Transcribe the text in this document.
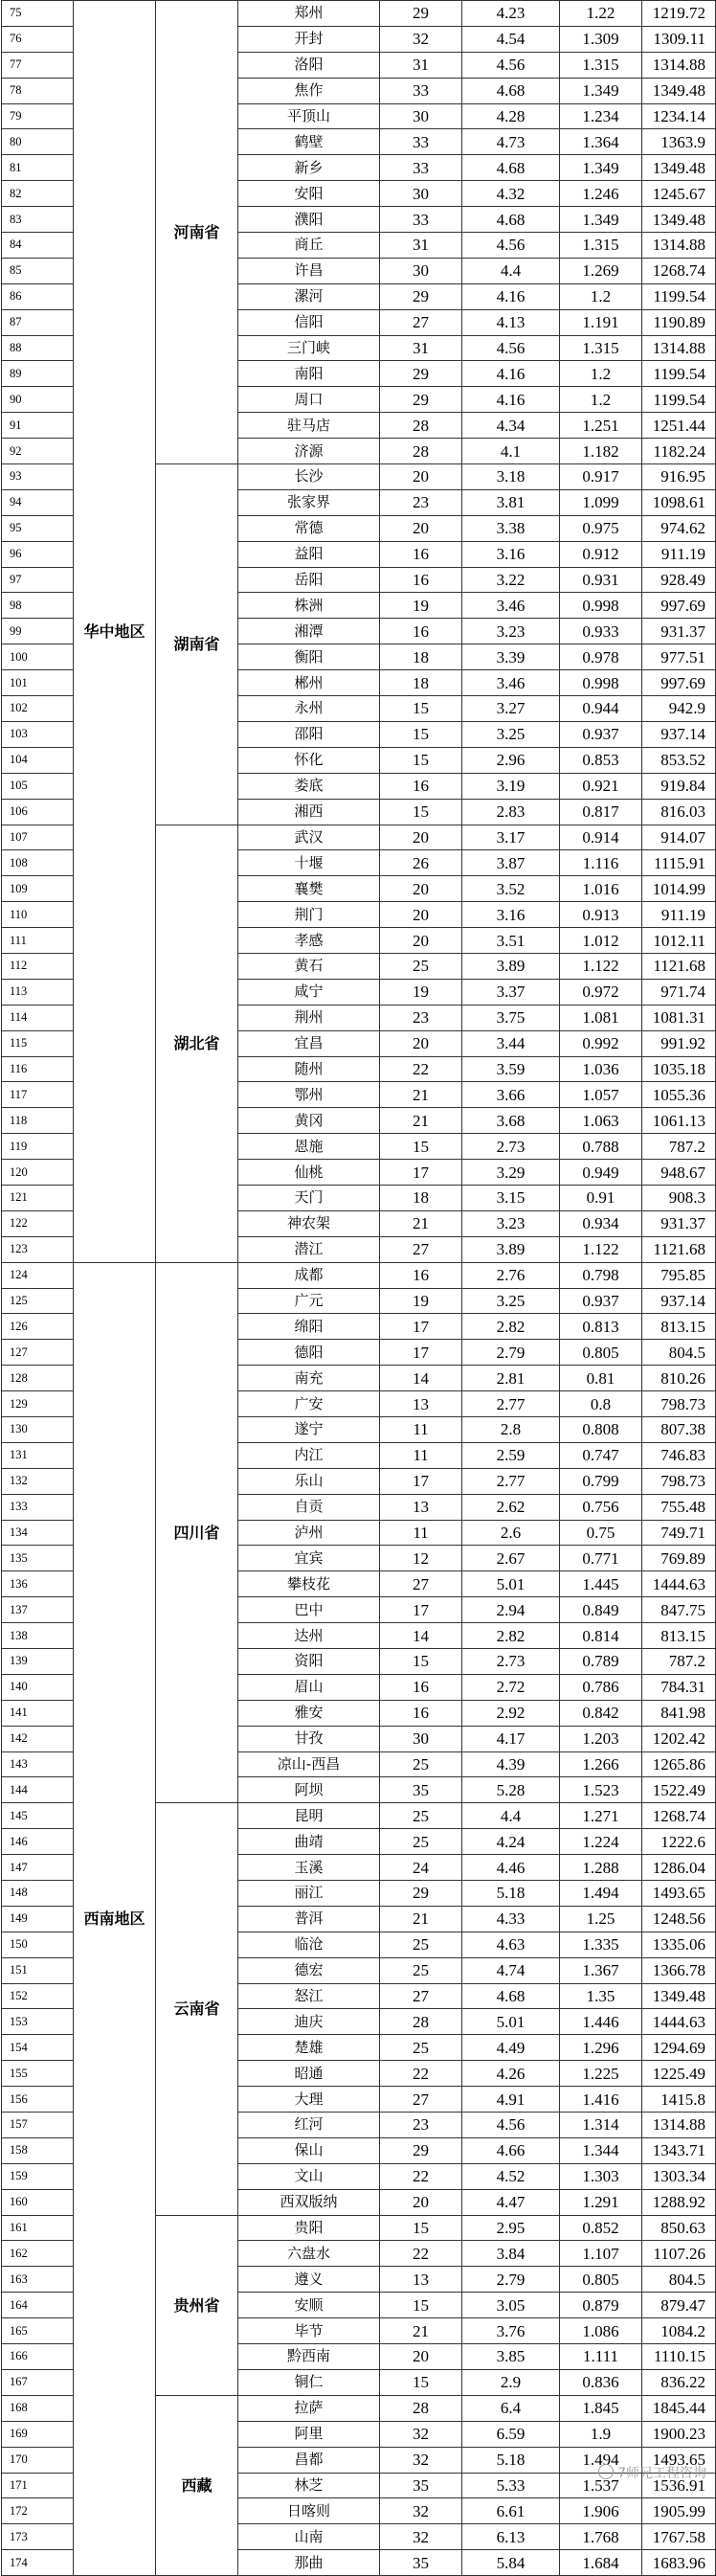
75	华中地区	河南省	郑州	29	4.23	1.22	1219.72
76			开封	32	4.54	1.309	1309.11
77			洛阳	31	4.56	1.315	1314.88
78			焦作	33	4.68	1.349	1349.48
79			平顶山	30	4.28	1.234	1234.14
80			鹤壁	33	4.73	1.364	1363.9
81			新乡	33	4.68	1.349	1349.48
82			安阳	30	4.32	1.246	1245.67
83			濮阳	33	4.68	1.349	1349.48
84			商丘	31	4.56	1.315	1314.88
85			许昌	30	4.4	1.269	1268.74
86			漯河	29	4.16	1.2	1199.54
87			信阳	27	4.13	1.191	1190.89
88			三门峡	31	4.56	1.315	1314.88
89			南阳	29	4.16	1.2	1199.54
90			周口	29	4.16	1.2	1199.54
91			驻马店	28	4.34	1.251	1251.44
92			济源	28	4.1	1.182	1182.24
93		湖南省	长沙	20	3.18	0.917	916.95
94			张家界	23	3.81	1.099	1098.61
95			常德	20	3.38	0.975	974.62
96			益阳	16	3.16	0.912	911.19
97			岳阳	16	3.22	0.931	928.49
98			株洲	19	3.46	0.998	997.69
99			湘潭	16	3.23	0.933	931.37
100			衡阳	18	3.39	0.978	977.51
101			郴州	18	3.46	0.998	997.69
102			永州	15	3.27	0.944	942.9
103			邵阳	15	3.25	0.937	937.14
104			怀化	15	2.96	0.853	853.52
105			娄底	16	3.19	0.921	919.84
106			湘西	15	2.83	0.817	816.03
107		湖北省	武汉	20	3.17	0.914	914.07
108			十堰	26	3.87	1.116	1115.91
109			襄樊	20	3.52	1.016	1014.99
110			荆门	20	3.16	0.913	911.19
111			孝感	20	3.51	1.012	1012.11
112			黄石	25	3.89	1.122	1121.68
113			咸宁	19	3.37	0.972	971.74
114			荆州	23	3.75	1.081	1081.31
115			宜昌	20	3.44	0.992	991.92
116			随州	22	3.59	1.036	1035.18
117			鄂州	21	3.66	1.057	1055.36
118			黄冈	21	3.68	1.063	1061.13
119			恩施	15	2.73	0.788	787.2
120			仙桃	17	3.29	0.949	948.67
121			天门	18	3.15	0.91	908.3
122			神农架	21	3.23	0.934	931.37
123			潜江	27	3.89	1.122	1121.68
124	西南地区	四川省	成都	16	2.76	0.798	795.85
125			广元	19	3.25	0.937	937.14
126			绵阳	17	2.82	0.813	813.15
127			德阳	17	2.79	0.805	804.5
128			南充	14	2.81	0.81	810.26
129			广安	13	2.77	0.8	798.73
130			遂宁	11	2.8	0.808	807.38
131			内江	11	2.59	0.747	746.83
132			乐山	17	2.77	0.799	798.73
133			自贡	13	2.62	0.756	755.48
134			泸州	11	2.6	0.75	749.71
135			宜宾	12	2.67	0.771	769.89
136			攀枝花	27	5.01	1.445	1444.63
137			巴中	17	2.94	0.849	847.75
138			达州	14	2.82	0.814	813.15
139			资阳	15	2.73	0.789	787.2
140			眉山	16	2.72	0.786	784.31
141			雅安	16	2.92	0.842	841.98
142			甘孜	30	4.17	1.203	1202.42
143			凉山-西昌	25	4.39	1.266	1265.86
144			阿坝	35	5.28	1.523	1522.49
145		云南省	昆明	25	4.4	1.271	1268.74
146			曲靖	25	4.24	1.224	1222.6
147			玉溪	24	4.46	1.288	1286.04
148			丽江	29	5.18	1.494	1493.65
149			普洱	21	4.33	1.25	1248.56
150			临沧	25	4.63	1.335	1335.06
151			德宏	25	4.74	1.367	1366.78
152			怒江	27	4.68	1.35	1349.48
153			迪庆	28	5.01	1.446	1444.63
154			楚雄	25	4.49	1.296	1294.69
155			昭通	22	4.26	1.225	1225.49
156			大理	27	4.91	1.416	1415.8
157			红河	23	4.56	1.314	1314.88
158			保山	29	4.66	1.344	1343.71
159			文山	22	4.52	1.303	1303.34
160			西双版纳	20	4.47	1.291	1288.92
161		贵州省	贵阳	15	2.95	0.852	850.63
162			六盘水	22	3.84	1.107	1107.26
163			遵义	13	2.79	0.805	804.5
164			安顺	15	3.05	0.879	879.47
165			毕节	21	3.76	1.086	1084.2
166			黔西南	20	3.85	1.111	1110.15
167			铜仁	15	2.9	0.836	836.22
168		西藏	拉萨	28	6.4	1.845	1845.44
169			阿里	32	6.59	1.9	1900.23
170			昌都	32	5.18	1.494	1493.65
171			林芝	35	5.33	1.537	1536.91
172			日喀则	32	6.61	1.906	1905.99
173			山南	32	6.13	1.768	1767.58
174			那曲	35	5.84	1.684	1683.96
7师兄工程咨询
